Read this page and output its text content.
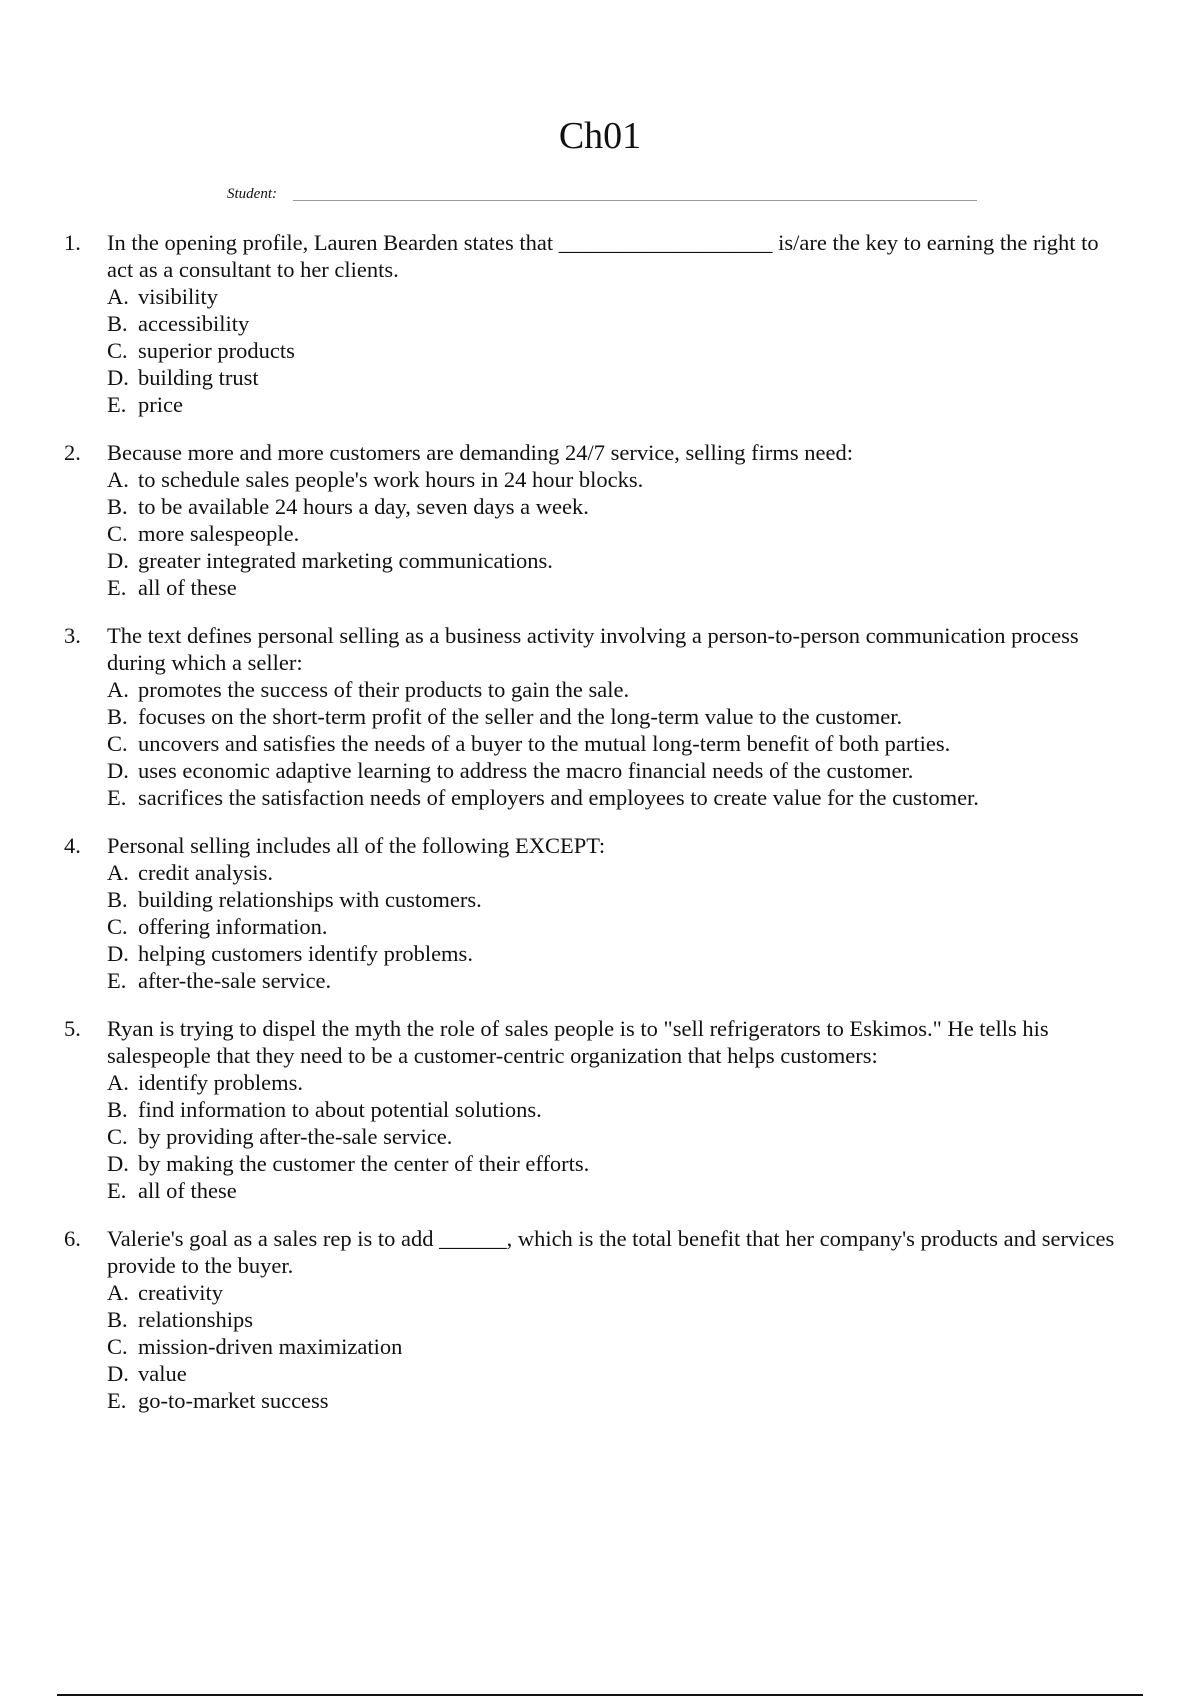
Ch01
Student:
1. In the opening profile, Lauren Bearden states that ___________________ is/are the key to earning the right to act as a consultant to her clients.
A. visibility
B. accessibility
C. superior products
D. building trust
E. price
2. Because more and more customers are demanding 24/7 service, selling firms need:
A. to schedule sales people's work hours in 24 hour blocks.
B. to be available 24 hours a day, seven days a week.
C. more salespeople.
D. greater integrated marketing communications.
E. all of these
3. The text defines personal selling as a business activity involving a person-to-person communication process during which a seller:
A. promotes the success of their products to gain the sale.
B. focuses on the short-term profit of the seller and the long-term value to the customer.
C. uncovers and satisfies the needs of a buyer to the mutual long-term benefit of both parties.
D. uses economic adaptive learning to address the macro financial needs of the customer.
E. sacrifices the satisfaction needs of employers and employees to create value for the customer.
4. Personal selling includes all of the following EXCEPT:
A. credit analysis.
B. building relationships with customers.
C. offering information.
D. helping customers identify problems.
E. after-the-sale service.
5. Ryan is trying to dispel the myth the role of sales people is to "sell refrigerators to Eskimos." He tells his salespeople that they need to be a customer-centric organization that helps customers:
A. identify problems.
B. find information to about potential solutions.
C. by providing after-the-sale service.
D. by making the customer the center of their efforts.
E. all of these
6. Valerie's goal as a sales rep is to add ______, which is the total benefit that her company's products and services provide to the buyer.
A. creativity
B. relationships
C. mission-driven maximization
D. value
E. go-to-market success
